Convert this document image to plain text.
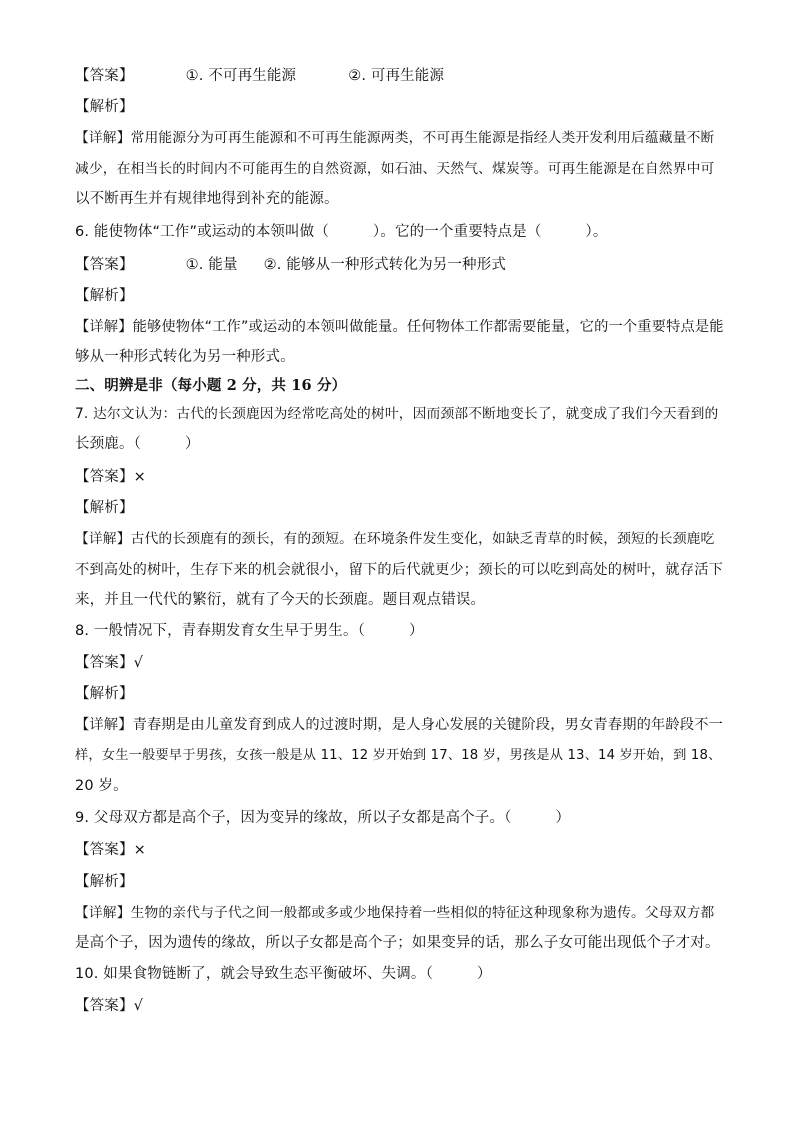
【答案】	①. 不可再生能源	②. 可再生能源
【解析】
【详解】常用能源分为可再生能源和不可再生能源两类，不可再生能源是指经人类开发利用后蕴藏量不断
减少，在相当长的时间内不可能再生的自然资源，如石油、天然气、煤炭等。可再生能源是在自然界中可
以不断再生并有规律地得到补充的能源。
6. 能使物体“工作”或运动的本领叫做（　　　）。它的一个重要特点是（　　　）。
【答案】	①. 能量 ②. 能够从一种形式转化为另一种形式
【解析】
【详解】能够使物体“工作”或运动的本领叫做能量。任何物体工作都需要能量，它的一个重要特点是能
够从一种形式转化为另一种形式。
二、明辨是非（每小题 2 分，共 16 分）
7. 达尔文认为：古代的长颈鹿因为经常吃高处的树叶，因而颈部不断地变长了，就变成了我们今天看到的
长颈鹿。（　　　）
【答案】×
【解析】
【详解】古代的长颈鹿有的颈长，有的颈短。在环境条件发生变化，如缺乏青草的时候，颈短的长颈鹿吃
不到高处的树叶，生存下来的机会就很小，留下的后代就更少；颈长的可以吃到高处的树叶，就存活下
来，并且一代代的繁衍，就有了今天的长颈鹿。题目观点错误。
8. 一般情况下，青春期发育女生早于男生。（　　　）
【答案】√
【解析】
【详解】青春期是由儿童发育到成人的过渡时期，是人身心发展的关键阶段，男女青春期的年龄段不一
样，女生一般要早于男孩，女孩一般是从 11、12 岁开始到 17、18 岁，男孩是从 13、14 岁开始，到 18、
20 岁。
9. 父母双方都是高个子，因为变异的缘故，所以子女都是高个子。（　　　）
【答案】×
【解析】
【详解】生物的亲代与子代之间一般都或多或少地保持着一些相似的特征这种现象称为遗传。父母双方都
是高个子，因为遗传的缘故，所以子女都是高个子；如果变异的话，那么子女可能出现低个子才对。
10. 如果食物链断了，就会导致生态平衡破坏、失调。（　　　）
【答案】√
